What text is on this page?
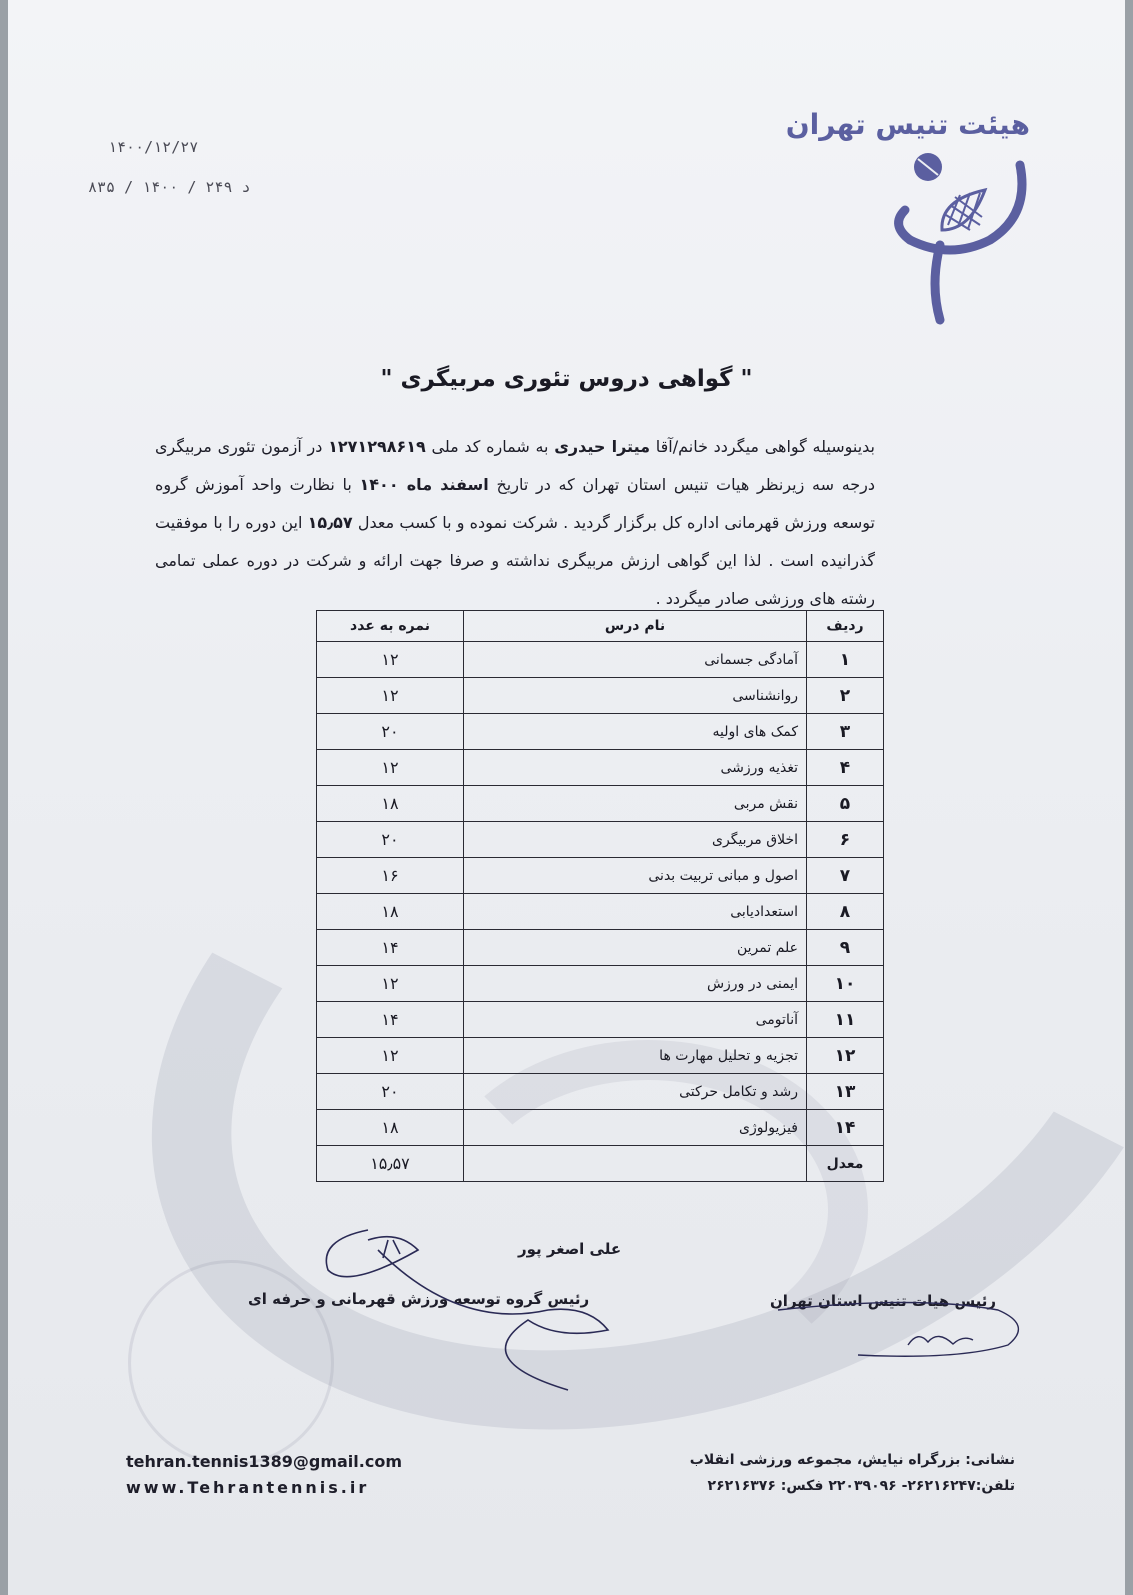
هیئت تنیس تهران
۱۴۰۰/۱۲/۲۷
۸۳۵ / د ۲۴۹ / ۱۴۰۰
" گواهی دروس تئوری مربیگری "
بدینوسیله گواهی میگردد خانم/آقا میترا حیدری به شماره کد ملی ۱۲۷۱۲۹۸۶۱۹ در آزمون تئوری مربیگری درجه سه زیرنظر هیات تنیس استان تهران که در تاریخ اسفند ماه ۱۴۰۰ با نظارت واحد آموزش گروه توسعه ورزش قهرمانی اداره کل برگزار گردید . شرکت نموده و با کسب معدل ۱۵٫۵۷ این دوره را با موفقیت گذرانیده است . لذا این گواهی ارزش مربیگری نداشته و صرفا جهت ارائه و شرکت در دوره عملی تمامی رشته های ورزشی صادر میگردد .
ردیف	نام درس	نمره به عدد
۱	آمادگی جسمانی	۱۲
۲	روانشناسی	۱۲
۳	کمک های اولیه	۲۰
۴	تغذیه ورزشی	۱۲
۵	نقش مربی	۱۸
۶	اخلاق مربیگری	۲۰
۷	اصول و مبانی تربیت بدنی	۱۶
۸	استعدادیابی	۱۸
۹	علم تمرین	۱۴
۱۰	ایمنی در ورزش	۱۲
۱۱	آناتومی	۱۴
۱۲	تجزیه و تحلیل مهارت ها	۱۲
۱۳	رشد و تکامل حرکتی	۲۰
۱۴	فیزیولوژی	۱۸
معدل		۱۵٫۵۷
علی اصغر پور
رئیس گروه توسعه ورزش قهرمانی و حرفه ای	رئیس هیات تنیس استان تهران
tehran.tennis1389@gmail.com
www.Tehrantennis.ir
نشانی: بزرگراه نیایش، مجموعه ورزشی انقلاب
تلفن:۲۶۲۱۶۲۴۷- ۲۲۰۳۹۰۹۶ فکس: ۲۶۲۱۶۳۷۶
